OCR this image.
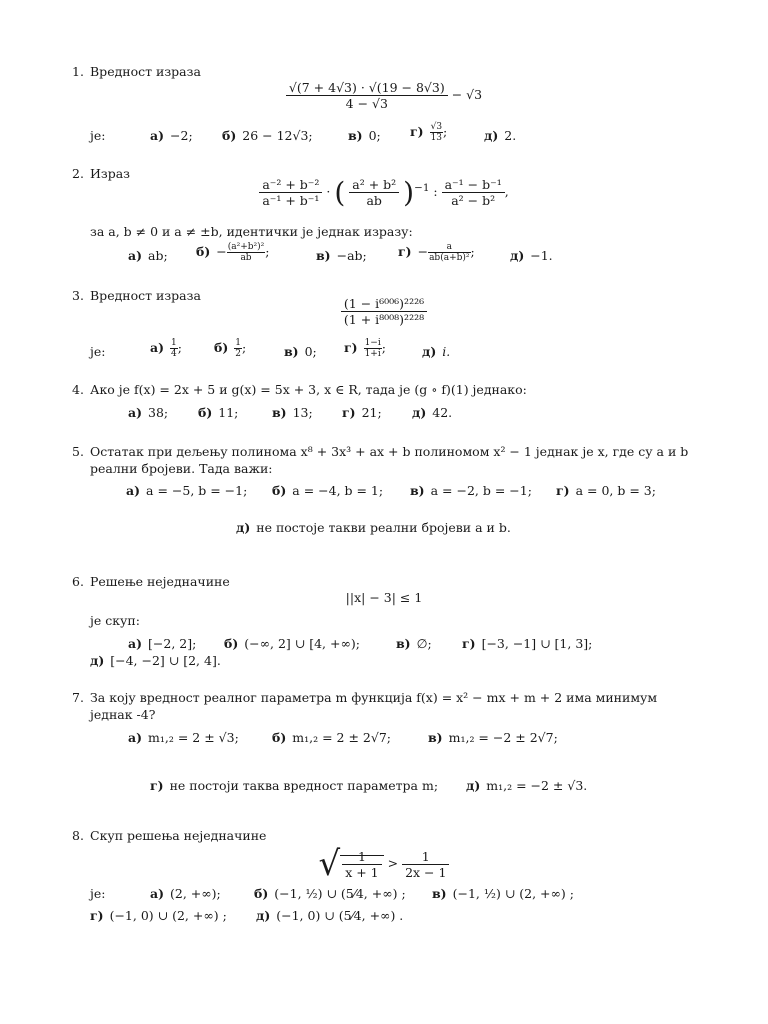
1. Вредност израза
$\frac{√(7 + 4√3) \cdot √(19 - 8√3)}{4 - √3} - √3$
je:	а) −2; б) 26 − 12√3;	в) 0; $г) \frac{√3}{13}$ ;	д) 2.
2. Израз
$\frac{\text{a⁻² + b⁻²}}{\text{a⁻¹ + b⁻¹}}$ · ( $\frac{\text{a² + b²}}{ab} )^{-1}$ : $\frac{\text{a⁻¹ − b⁻¹}}{\text{a² − b²}}$ ,
за a, b ≠ 0 и a ≠ ±b, идентички је једнак изразу:
а) ab; $б) - \frac{\text{(a²+b²)²}}{ab}$ ;	в) −ab;	$г) - \frac{a}{\text{ab(a+b)²}}$ ;	д) −1.
3. Вредност израза
$\frac{\text{(1 − i⁶⁰⁰⁶)²²²⁶}}{\text{(1 + i⁸⁰⁰⁸)²²²⁸}}$
je:	$а) \frac{1}{4}$ ;	$б) \frac{1}{2}$ ;	в) 0; $г) \frac{1-i}{1+i}$ ;	д) i.
4. Ако је f(x) = 2x + 5 и g(x) = 5x + 3, x ∈ R, тада је (g ∘ f)(1) једнако:
а) 38; б) 11;	в) 13; г) 21; д) 42.
5. Остатак при дељењу полинома x⁸ + 3x³ + ax + b полиномом x² − 1 једнак је x, где су a и b
реални бројеви. Тада важи:
а) a = −5, b = −1; б) a = −4, b = 1; в) a = −2, b = −1; г) a = 0, b = 3;
д) не постоје такви реални бројеви a и b.
6. Решење неједначине
||x| − 3| ≤ 1
је скуп:
а) [−2, 2]; б) (−∞, 2] ∪ [4, +∞);	в) ∅; г) [−3, −1] ∪ [1, 3];
д) [−4, −2] ∪ [2, 4].
7. За коју вредност реалног параметра m функција f(x) = x² − mx + m + 2 има минимум
једнак -4?
а) m₁,₂ = 2 ± √3;	б) m₁,₂ = 2 ± 2√7;	в) m₁,₂ = −2 ± 2√7;
г) не постоји таква вредност параметра m; д) m₁,₂ = −2 ± √3.
8. Скуп решења неједначине
√ $\frac{1}{x + 1} > \frac{1}{2x - 1}$
je:	а) (2, +∞);	б) (−1, ½) ∪ (5⁄4, +∞) ; в) (−1, ½) ∪ (2, +∞) ;
г) (−1, 0) ∪ (2, +∞) ; д) (−1, 0) ∪ (5⁄4, +∞) .
